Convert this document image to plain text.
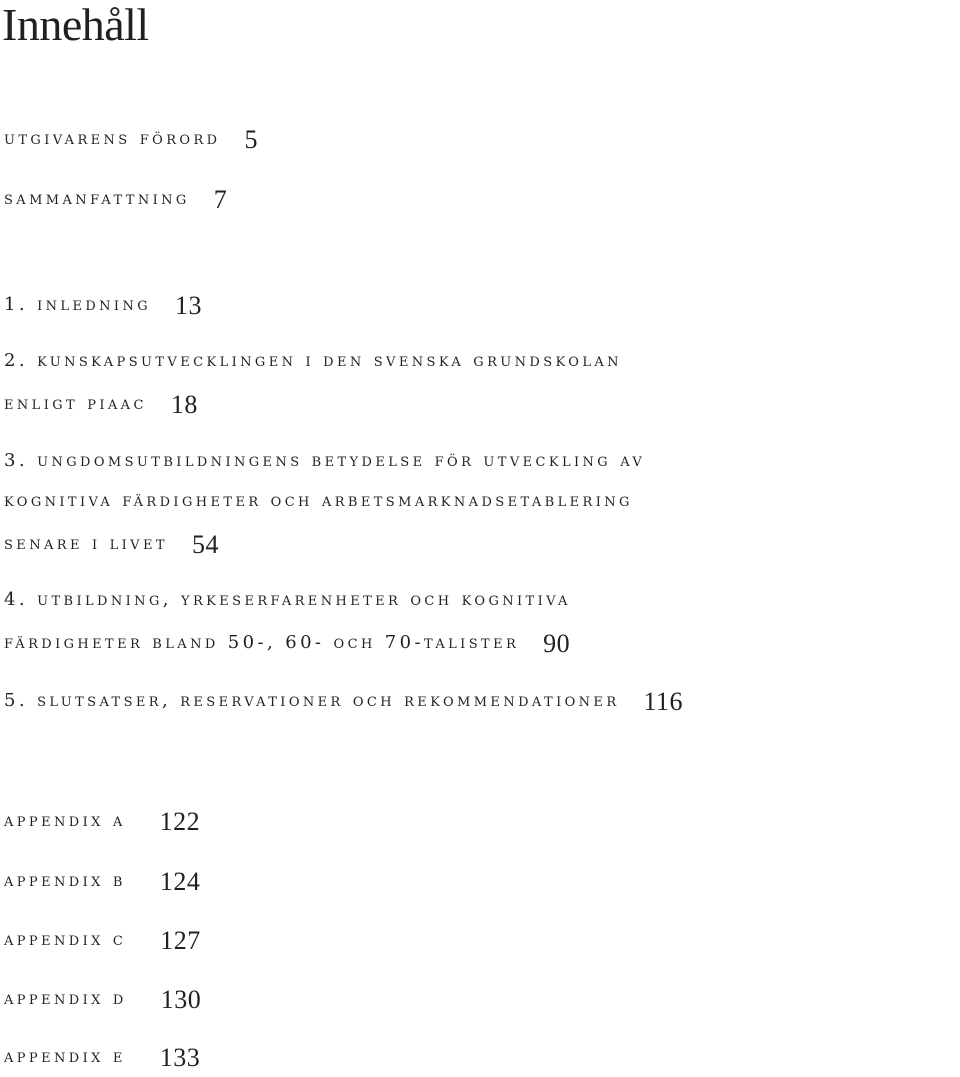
Innehåll

utgivarens förord 5

sammanfattning 7

1. inledning 13

2. kunskapsutvecklingen i den svenska grundskolan
enligt piaac 18

3. ungdomsutbildningens betydelse för utveckling av
kognitiva färdigheter och arbetsmarknadsetablering
senare i livet 54

4. utbildning, yrkeserfarenheter och kognitiva
färdigheter bland 50-, 60- och 70-talister 90

5. slutsatser, reservationer och rekommendationer 116

appendix a 122

appendix b 124

appendix c 127

appendix d 130

appendix e 133
